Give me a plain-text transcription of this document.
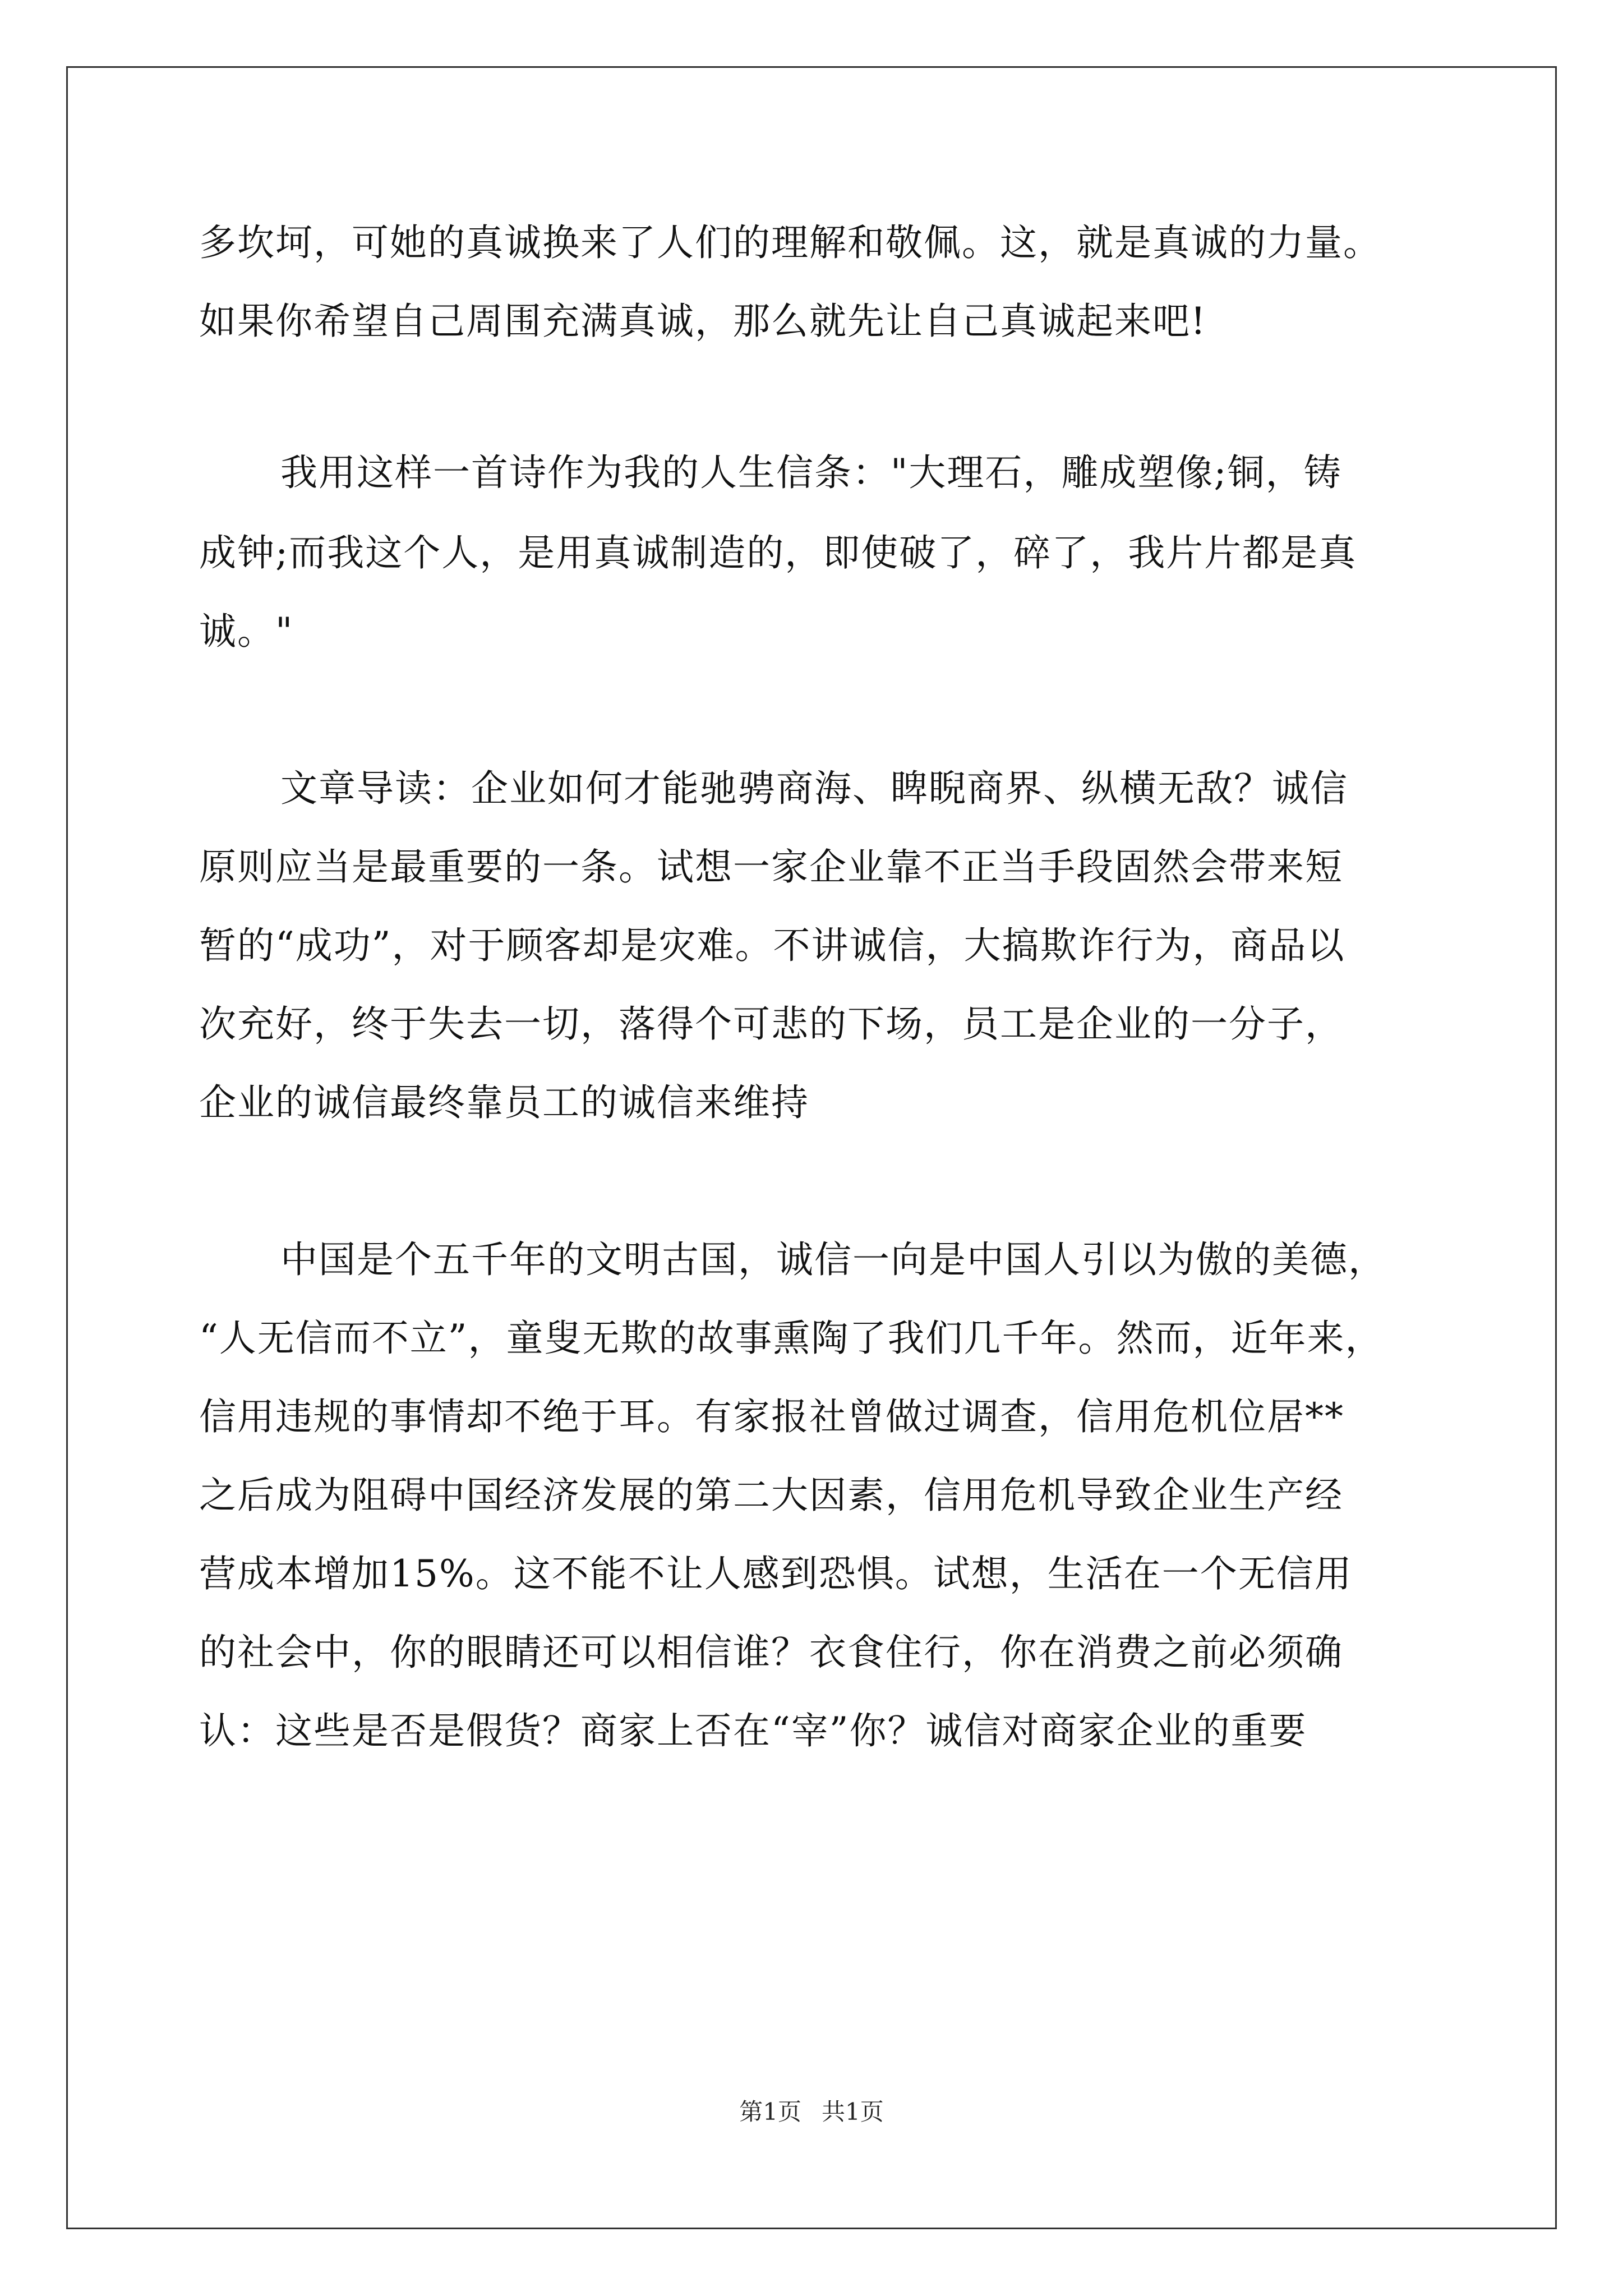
多坎坷，可她的真诚换来了人们的理解和敬佩。这，就是真诚的力量。

如果你希望自己周围充满真诚，那么就先让自己真诚起来吧!

我用这样一首诗作为我的人生信条："大理石，雕成塑像;铜，铸

成钟;而我这个人，是用真诚制造的，即使破了，碎了，我片片都是真

诚。"

文章导读：企业如何才能驰骋商海、睥睨商界、纵横无敌？诚信

原则应当是最重要的一条。试想一家企业靠不正当手段固然会带来短

暂的“成功”，对于顾客却是灾难。不讲诚信，大搞欺诈行为，商品以

次充好，终于失去一切，落得个可悲的下场，员工是企业的一分子，

企业的诚信最终靠员工的诚信来维持

中国是个五千年的文明古国，诚信一向是中国人引以为傲的美德，

“人无信而不立”，童叟无欺的故事熏陶了我们几千年。然而，近年来，

信用违规的事情却不绝于耳。有家报社曾做过调查，信用危机位居**

之后成为阻碍中国经济发展的第二大因素，信用危机导致企业生产经

营成本增加15%。这不能不让人感到恐惧。试想，生活在一个无信用

的社会中，你的眼睛还可以相信谁？衣食住行，你在消费之前必须确

认：这些是否是假货？商家上否在“宰”你？诚信对商家企业的重要

第1页 共1页
